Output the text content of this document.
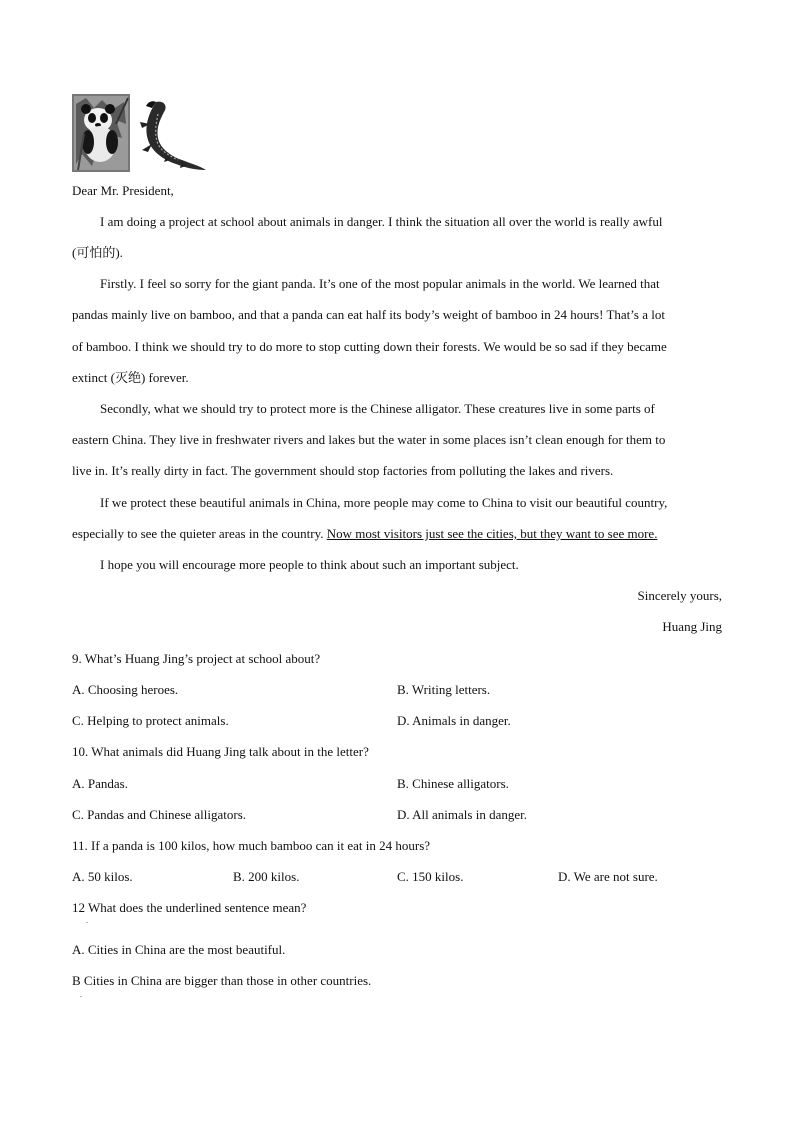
Dear Mr. President,
I am doing a project at school about animals in danger. I think the situation all over the world is really awful
(可怕的).
Firstly. I feel so sorry for the giant panda. It’s one of the most popular animals in the world. We learned that
pandas mainly live on bamboo, and that a panda can eat half its body’s weight of bamboo in 24 hours! That’s a lot
of bamboo. I think we should try to do more to stop cutting down their forests. We would be so sad if they became
extinct (灭绝) forever.
Secondly, what we should try to protect more is the Chinese alligator. These creatures live in some parts of
eastern China. They live in freshwater rivers and lakes but the water in some places isn’t clean enough for them to
live in. It’s really dirty in fact. The government should stop factories from polluting the lakes and rivers.
If we protect these beautiful animals in China, more people may come to China to visit our beautiful country,
especially to see the quieter areas in the country. Now most visitors just see the cities, but they want to see more.
I hope you will encourage more people to think about such an important subject.
Sincerely yours,
Huang Jing
9. What’s Huang Jing’s project at school about?
A. Choosing heroes.	B. Writing letters.
C. Helping to protect animals.	D. Animals in danger.
10. What animals did Huang Jing talk about in the letter?
A. Pandas.	B. Chinese alligators.
C. Pandas and Chinese alligators.	D. All animals in danger.
11. If a panda is 100 kilos, how much bamboo can it eat in 24 hours?
A. 50 kilos.	B. 200 kilos.	C. 150 kilos.	D. We are not sure.
12 What does the underlined sentence mean?
.
A. Cities in China are the most beautiful.
B Cities in China are bigger than those in other countries.
.
